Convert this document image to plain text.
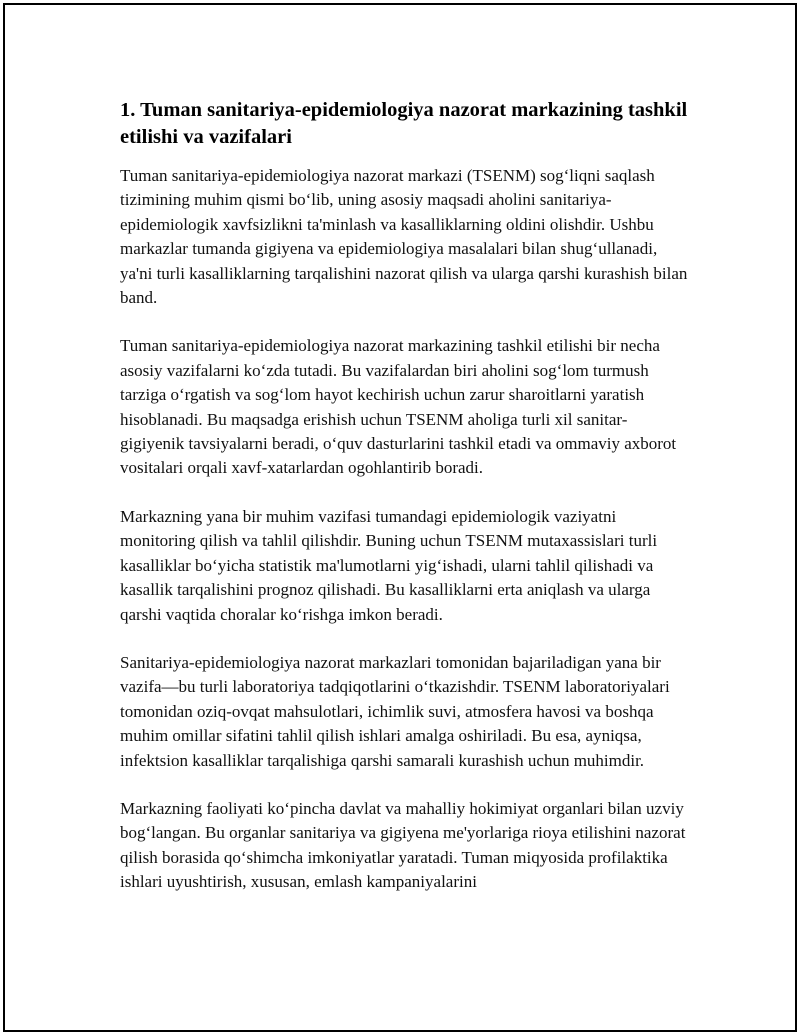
1. Tuman sanitariya-epidemiologiya nazorat markazining tashkil etilishi va vazifalari

Tuman sanitariya-epidemiologiya nazorat markazi (TSENM) sog‘liqni saqlash tizimining muhim qismi bo‘lib, uning asosiy maqsadi aholini sanitariya-epidemiologik xavfsizlikni ta'minlash va kasalliklarning oldini olishdir. Ushbu markazlar tumanda gigiyena va epidemiologiya masalalari bilan shug‘ullanadi, ya'ni turli kasalliklarning tarqalishini nazorat qilish va ularga qarshi kurashish bilan band.

Tuman sanitariya-epidemiologiya nazorat markazining tashkil etilishi bir necha asosiy vazifalarni ko‘zda tutadi. Bu vazifalardan biri aholini sog‘lom turmush tarziga o‘rgatish va sog‘lom hayot kechirish uchun zarur sharoitlarni yaratish hisoblanadi. Bu maqsadga erishish uchun TSENM aholiga turli xil sanitar-gigiyenik tavsiyalarni beradi, o‘quv dasturlarini tashkil etadi va ommaviy axborot vositalari orqali xavf-xatarlardan ogohlantirib boradi.

Markazning yana bir muhim vazifasi tumandagi epidemiologik vaziyatni monitoring qilish va tahlil qilishdir. Buning uchun TSENM mutaxassislari turli kasalliklar bo‘yicha statistik ma'lumotlarni yig‘ishadi, ularni tahlil qilishadi va kasallik tarqalishini prognoz qilishadi. Bu kasalliklarni erta aniqlash va ularga qarshi vaqtida choralar ko‘rishga imkon beradi.

Sanitariya-epidemiologiya nazorat markazlari tomonidan bajariladigan yana bir vazifa—bu turli laboratoriya tadqiqotlarini o‘tkazishdir. TSENM laboratoriyalari tomonidan oziq-ovqat mahsulotlari, ichimlik suvi, atmosfera havosi va boshqa muhim omillar sifatini tahlil qilish ishlari amalga oshiriladi. Bu esa, ayniqsa, infektsion kasalliklar tarqalishiga qarshi samarali kurashish uchun muhimdir.

Markazning faoliyati ko‘pincha davlat va mahalliy hokimiyat organlari bilan uzviy bog‘langan. Bu organlar sanitariya va gigiyena me'yorlariga rioya etilishini nazorat qilish borasida qo‘shimcha imkoniyatlar yaratadi. Tuman miqyosida profilaktika ishlari uyushtirish, xususan, emlash kampaniyalarini
